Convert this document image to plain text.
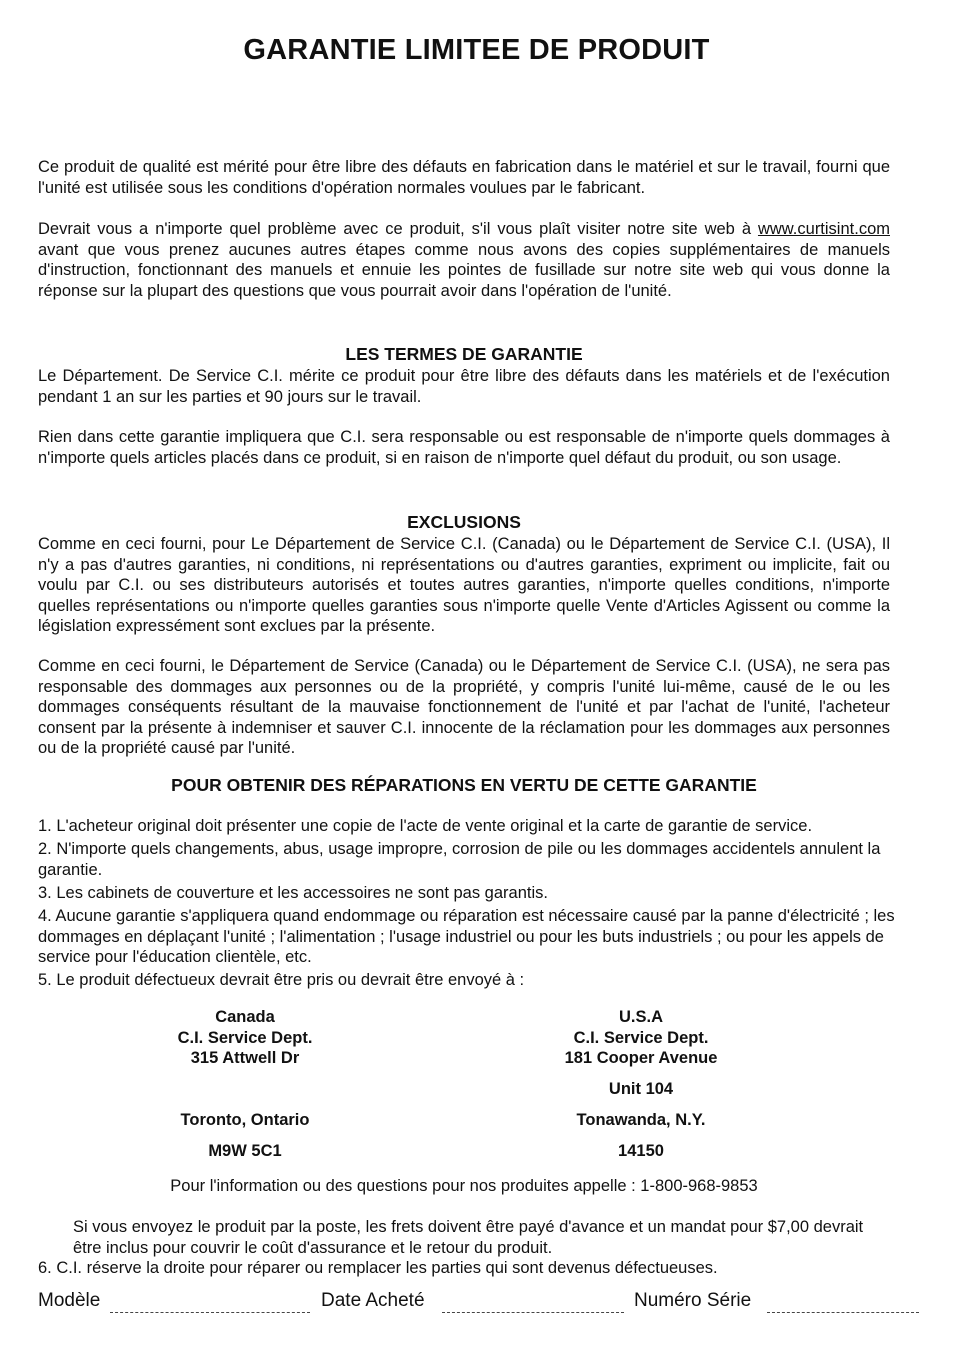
GARANTIE LIMITEE DE PRODUIT

Ce produit de qualité est mérité pour être libre des défauts en fabrication dans le matériel et sur le travail, fourni que l'unité est utilisée sous les conditions d'opération normales voulues par le fabricant.

Devrait vous a n'importe quel problème avec ce produit, s'il vous plaît visiter notre site web à www.curtisint.com avant que vous prenez aucunes autres étapes comme nous avons des copies supplémentaires de manuels d'instruction, fonctionnant des manuels et ennuie les pointes de fusillade sur notre site web qui vous donne la réponse sur la plupart des questions que vous pourrait avoir dans l'opération de l'unité.

LES TERMES DE GARANTIE

Le Département. De Service C.I. mérite ce produit pour être libre des défauts dans les matériels et de l'exécution pendant 1 an sur les parties et 90 jours sur le travail.

Rien dans cette garantie impliquera que C.I. sera responsable ou est responsable de n'importe quels dommages à n'importe quels articles placés dans ce produit, si en raison de n'importe quel défaut du produit, ou son usage.

EXCLUSIONS

Comme en ceci fourni, pour Le Département de Service C.I. (Canada) ou le Département de Service C.I. (USA), Il n'y a pas d'autres garanties, ni conditions, ni représentations ou d'autres garanties, expriment ou implicite, fait ou voulu par C.I. ou ses distributeurs autorisés et toutes autres garanties, n'importe quelles conditions, n'importe quelles représentations ou n'importe quelles garanties sous n'importe quelle Vente d'Articles Agissent ou comme la législation expressément sont exclues par la présente.

Comme en ceci fourni, le Département de Service (Canada) ou le Département de Service C.I. (USA), ne sera pas responsable des dommages aux personnes ou de la propriété, y compris l'unité lui-même, causé de le ou les dommages conséquents résultant de la mauvaise fonctionnement de l'unité et par l'achat de l'unité, l'acheteur consent par la présente à indemniser et sauver C.I. innocente de la réclamation pour les dommages aux personnes ou de la propriété causé par l'unité.

POUR OBTENIR DES RÉPARATIONS EN VERTU DE CETTE GARANTIE

1. L'acheteur original doit présenter une copie de l'acte de vente original et la carte de garantie de service.

2. N'importe quels changements, abus, usage impropre, corrosion de pile ou les dommages accidentels annulent la garantie.

3. Les cabinets de couverture et les accessoires ne sont pas garantis.

4. Aucune garantie s'appliquera quand endommage ou réparation est nécessaire causé par la panne d'électricité ; les dommages en déplaçant l'unité ; l'alimentation ; l'usage industriel ou pour les buts industriels ; ou pour les appels de service pour l'éducation clientèle, etc.

5. Le produit défectueux devrait être pris ou devrait être envoyé à :

Canada
C.I. Service Dept.
315 Attwell Dr
Toronto, Ontario
M9W 5C1
U.S.A
C.I. Service Dept.
181 Cooper Avenue
Unit 104
Tonawanda, N.Y.
14150
Pour l'information ou des questions pour nos produites appelle : 1-800-968-9853

Si vous envoyez le produit par la poste, les frets doivent être payé d'avance et un mandat pour $7,00 devrait être inclus pour couvrir le coût d'assurance et le retour du produit.

6. C.I. réserve la droite pour réparer ou remplacer les parties qui sont devenus défectueuses.

Modèle	Date Acheté	Numéro Série
